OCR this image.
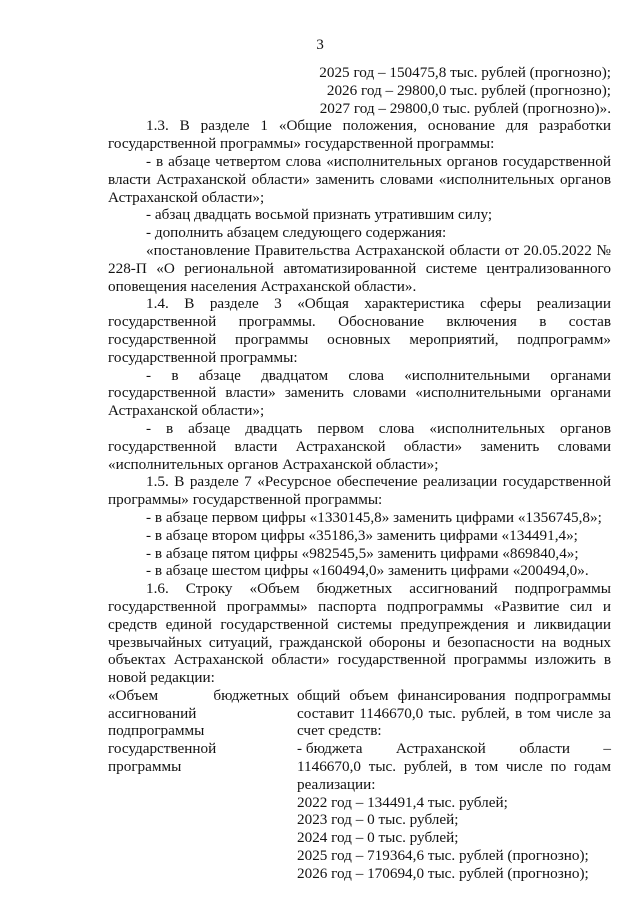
3

2025 год – 150475,8 тыс. рублей (прогнозно);

2026 год – 29800,0 тыс. рублей (прогнозно);

2027 год – 29800,0 тыс. рублей (прогнозно)».

1.3. В разделе 1 «Общие положения, основание для разработки государственной программы» государственной программы:

- в абзаце четвертом слова «исполнительных органов государственной власти Астраханской области» заменить словами «исполнительных органов Астраханской области»;

- абзац двадцать восьмой признать утратившим силу;

- дополнить абзацем следующего содержания:

«постановление Правительства Астраханской области от 20.05.2022 № 228-П «О региональной автоматизированной системе централизованного оповещения населения Астраханской области».

1.4. В разделе 3 «Общая характеристика сферы реализации государственной программы. Обоснование включения в состав государственной программы основных мероприятий, подпрограмм» государственной программы:

- в абзаце двадцатом слова «исполнительными органами государственной власти» заменить словами «исполнительными органами Астраханской области»;

- в абзаце двадцать первом слова «исполнительных органов государственной власти Астраханской области» заменить словами «исполнительных органов Астраханской области»;

1.5. В разделе 7 «Ресурсное обеспечение реализации государственной программы» государственной программы:

- в абзаце первом цифры «1330145,8» заменить цифрами «1356745,8»;

- в абзаце втором цифры «35186,3» заменить цифрами «134491,4»;

- в абзаце пятом цифры «982545,5» заменить цифрами «869840,4»;

- в абзаце шестом цифры «160494,0» заменить цифрами «200494,0».

1.6. Строку «Объем бюджетных ассигнований подпрограммы государственной программы» паспорта подпрограммы «Развитие сил и средств единой государственной системы предупреждения и ликвидации чрезвычайных ситуаций, гражданской обороны и безопасности на водных объектах Астраханской области» государственной программы изложить в новой редакции:

«Объем бюджетных ассигнований подпрограммы государственной программы

общий объем финансирования подпрограммы составит 1146670,0 тыс. рублей, в том числе за счет средств:

- бюджета Астраханской области –

1146670,0 тыс. рублей, в том числе по годам реализации:

2022 год – 134491,4 тыс. рублей;

2023 год – 0 тыс. рублей;

2024 год – 0 тыс. рублей;

2025 год – 719364,6 тыс. рублей (прогнозно);

2026 год – 170694,0 тыс. рублей (прогнозно);
